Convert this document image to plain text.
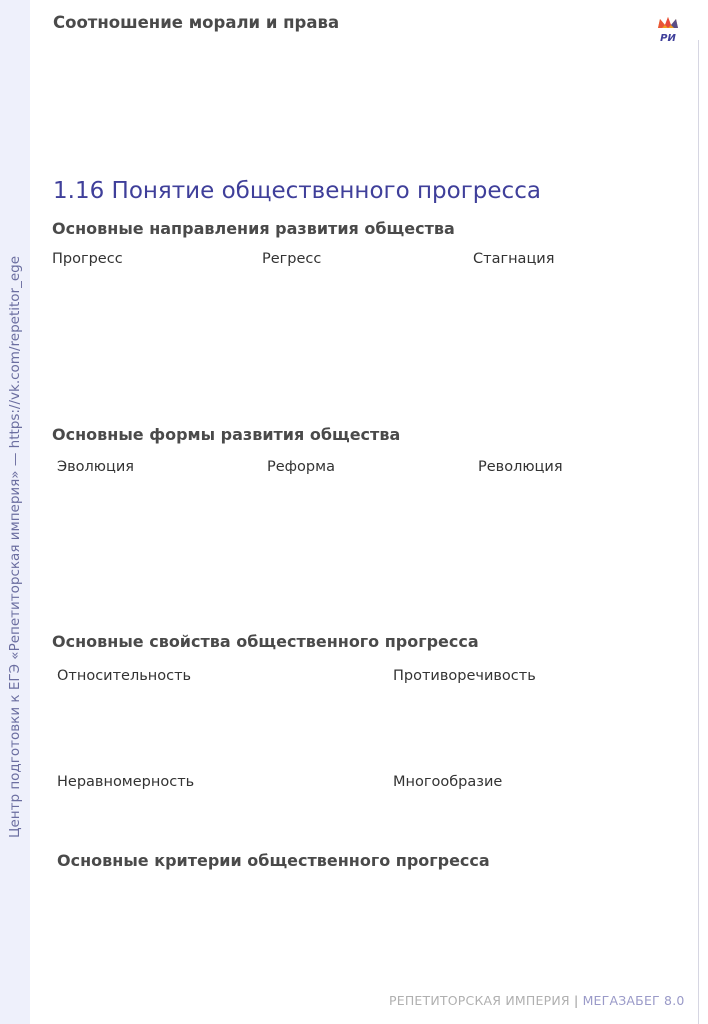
Центр подготовки к ЕГЭ «Репетиторская империя» — https://vk.com/repetitor_ege
Соотношение морали и права
РИ
1.16 Понятие общественного прогресса
Основные направления развития общества
Прогресс	Регресс	Стагнация
Основные формы развития общества
Эволюция	Реформа	Революция
Основные свойства общественного прогресса
Относительность	Противоречивость
Неравномерность	Многообразие
Основные критерии общественного прогресса
РЕПЕТИТОРСКАЯ ИМПЕРИЯ | МЕГАЗАБЕГ 8.0
